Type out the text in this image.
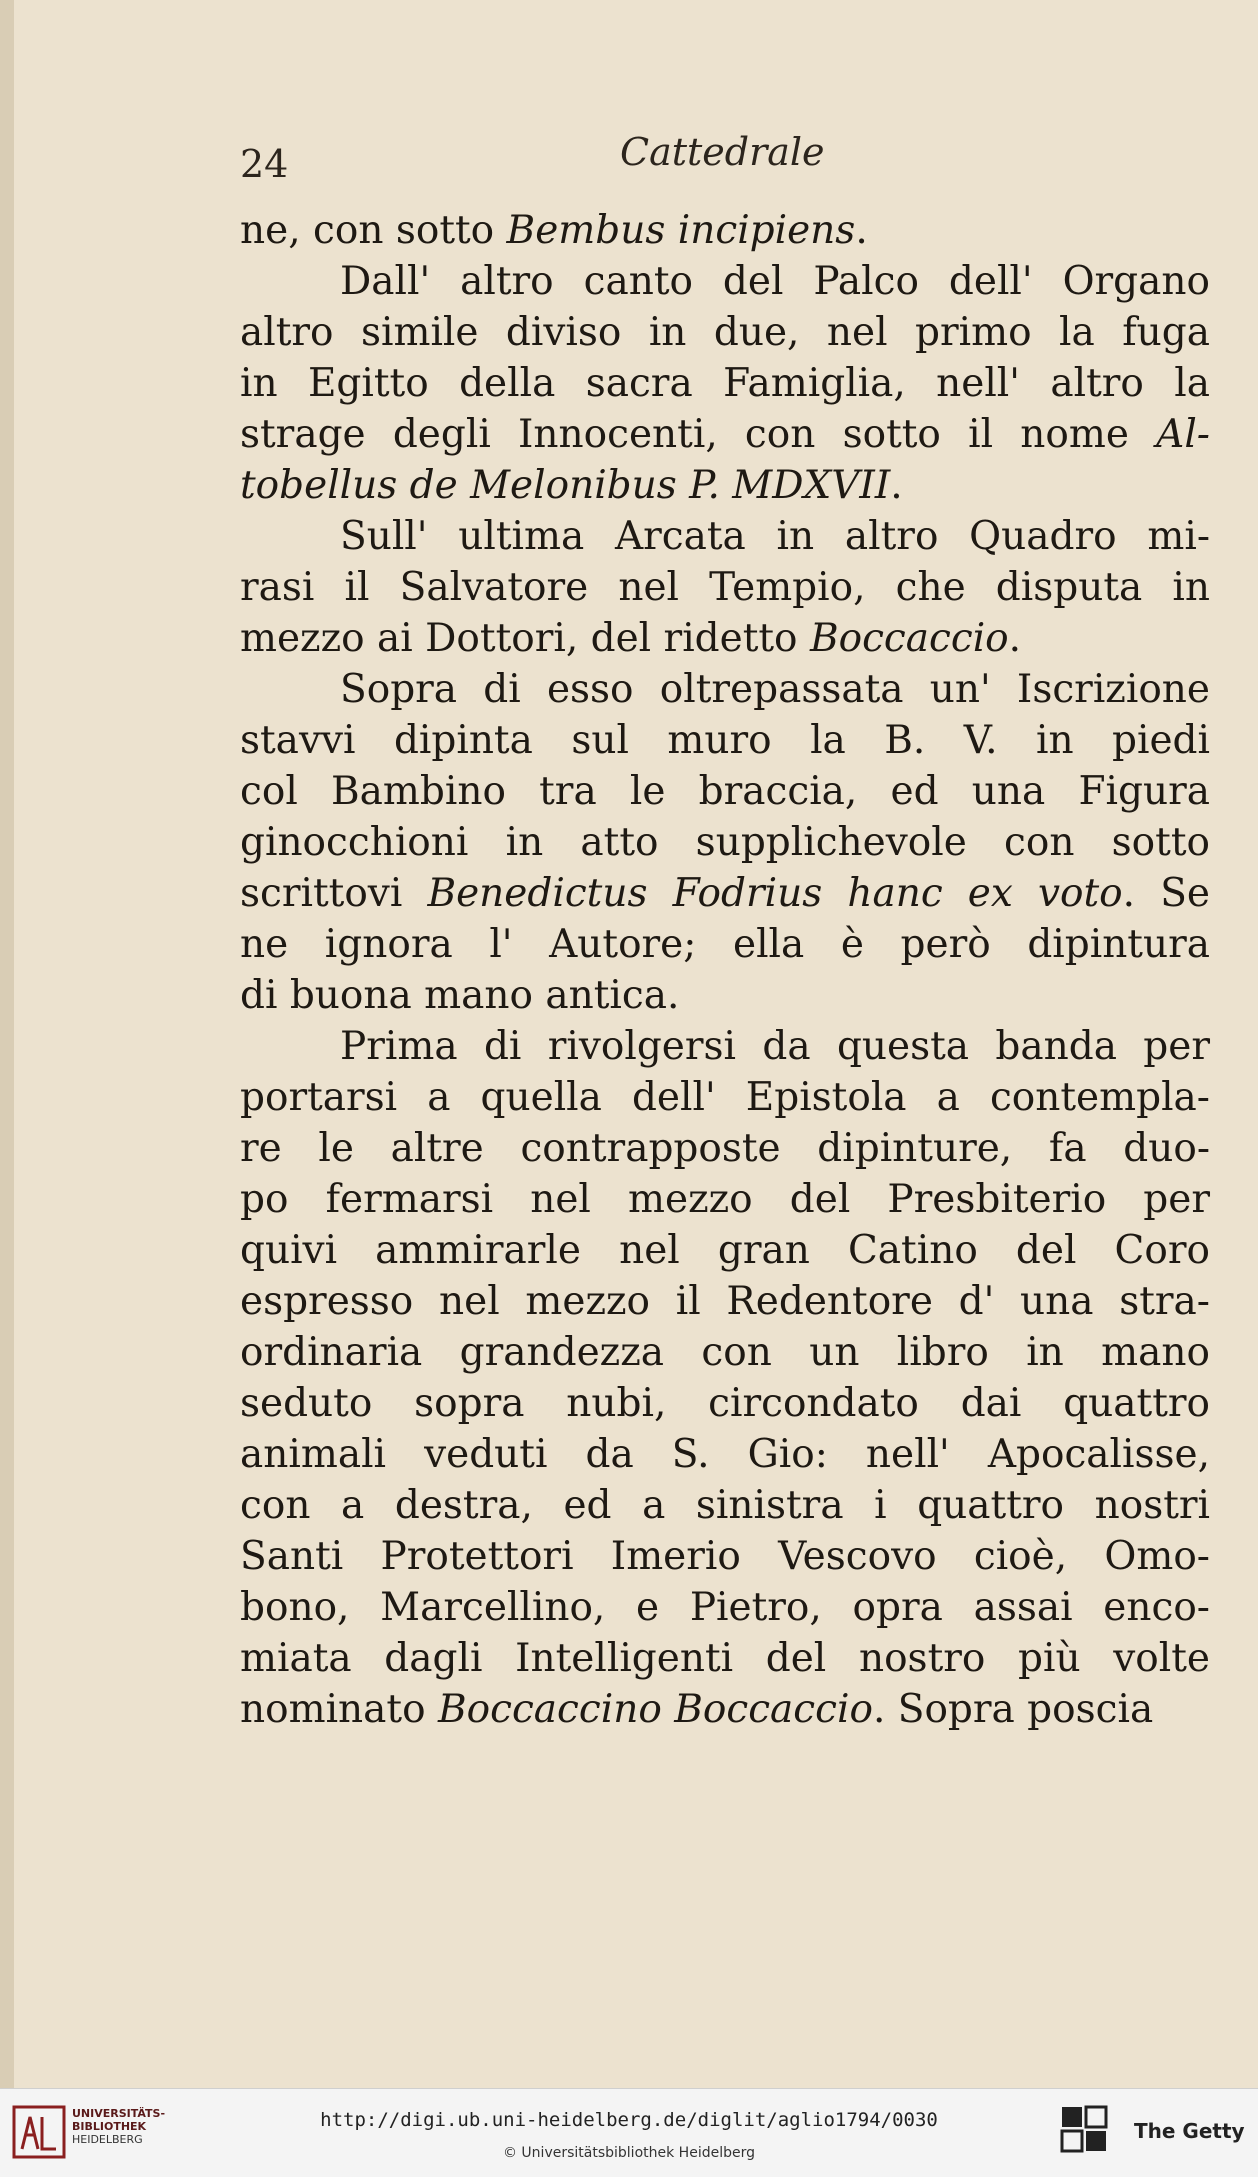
24	Cattedrale
ne, con sotto Bembus incipiens.
Dall' altro canto del Palco dell' Organo
altro simile diviso in due, nel primo la fuga
in Egitto della sacra Famiglia, nell' altro la
strage degli Innocenti, con sotto il nome Al-
tobellus de Melonibus P. MDXVII.
Sull' ultima Arcata in altro Quadro mi-
rasi il Salvatore nel Tempio, che disputa in
mezzo ai Dottori, del ridetto Boccaccio.
Sopra di esso oltrepassata un' Iscrizione
stavvi dipinta sul muro la B. V. in piedi
col Bambino tra le braccia, ed una Figura
ginocchioni in atto supplichevole con sotto
scrittovi Benedictus Fodrius hanc ex voto. Se
ne ignora l' Autore; ella è però dipintura
di buona mano antica.
Prima di rivolgersi da questa banda per
portarsi a quella dell' Epistola a contempla-
re le altre contrapposte dipinture, fa duo-
po fermarsi nel mezzo del Presbiterio per
quivi ammirarle nel gran Catino del Coro
espresso nel mezzo il Redentore d' una stra-
ordinaria grandezza con un libro in mano
seduto sopra nubi, circondato dai quattro
animali veduti da S. Gio: nell' Apocalisse,
con a destra, ed a sinistra i quattro nostri
Santi Protettori Imerio Vescovo cioè, Omo-
bono, Marcellino, e Pietro, opra assai enco-
miata dagli Intelligenti del nostro più volte
nominato Boccaccino Boccaccio. Sopra poscia
UNIVERSITÄTS-
BIBLIOTHEK
HEIDELBERG
http://digi.ub.uni-heidelberg.de/diglit/aglio1794/0030
© Universitätsbibliothek Heidelberg
The Getty
